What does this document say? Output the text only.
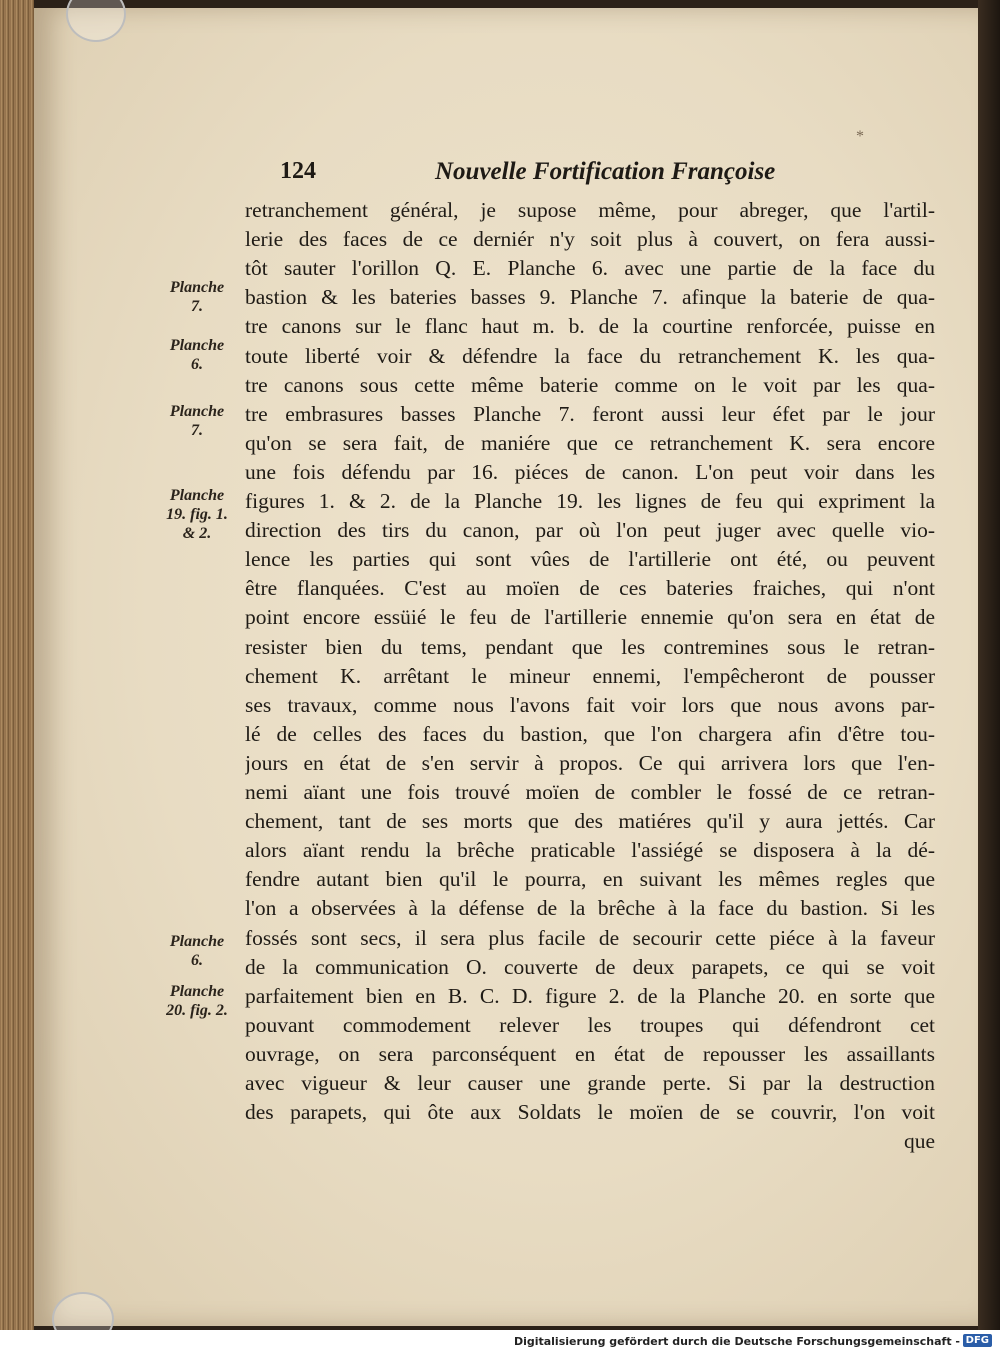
*
124	Nouvelle Fortification Françoise
retranchement général, je supose même, pour abreger, que l'artil-
lerie des faces de ce derniér n'y soit plus à couvert, on fera aussi-
tôt sauter l'orillon Q. E. Planche 6. avec une partie de la face du
bastion & les bateries basses 9. Planche 7. afinque la baterie de qua-
tre canons sur le flanc haut m. b. de la courtine renforcée, puisse en
toute liberté voir & défendre la face du retranchement K. les qua-
tre canons sous cette même baterie comme on le voit par les qua-
tre embrasures basses Planche 7. feront aussi leur éfet par le jour
qu'on se sera fait, de maniére que ce retranchement K. sera encore
une fois défendu par 16. piéces de canon. L'on peut voir dans les
figures 1. & 2. de la Planche 19. les lignes de feu qui expriment la
direction des tirs du canon, par où l'on peut juger avec quelle vio-
lence les parties qui sont vûes de l'artillerie ont été, ou peuvent
être flanquées. C'est au moïen de ces bateries fraiches, qui n'ont
point encore essüié le feu de l'artillerie ennemie qu'on sera en état de
resister bien du tems, pendant que les contremines sous le retran-
chement K. arrêtant le mineur ennemi, l'empêcheront de pousser
ses travaux, comme nous l'avons fait voir lors que nous avons par-
lé de celles des faces du bastion, que l'on chargera afin d'être tou-
jours en état de s'en servir à propos. Ce qui arrivera lors que l'en-
nemi aïant une fois trouvé moïen de combler le fossé de ce retran-
chement, tant de ses morts que des matiéres qu'il y aura jettés. Car
alors aïant rendu la brêche praticable l'assiégé se disposera à la dé-
fendre autant bien qu'il le pourra, en suivant les mêmes regles que
l'on a observées à la défense de la brêche à la face du bastion. Si les
fossés sont secs, il sera plus facile de secourir cette piéce à la faveur
de la communication O. couverte de deux parapets, ce qui se voit
parfaitement bien en B. C. D. figure 2. de la Planche 20. en sorte que
pouvant commodement relever les troupes qui défendront cet
ouvrage, on sera parconséquent en état de repousser les assaillants
avec vigueur & leur causer une grande perte. Si par la destruction
des parapets, qui ôte aux Soldats le moïen de se couvrir, l'on voit
que
Planche
7.
Planche
6.
Planche
7.
Planche
19. fig. 1.
& 2.
Planche
6.
Planche
20. fig. 2.
Digitalisierung gefördert durch die Deutsche Forschungsgemeinschaft - DFG
